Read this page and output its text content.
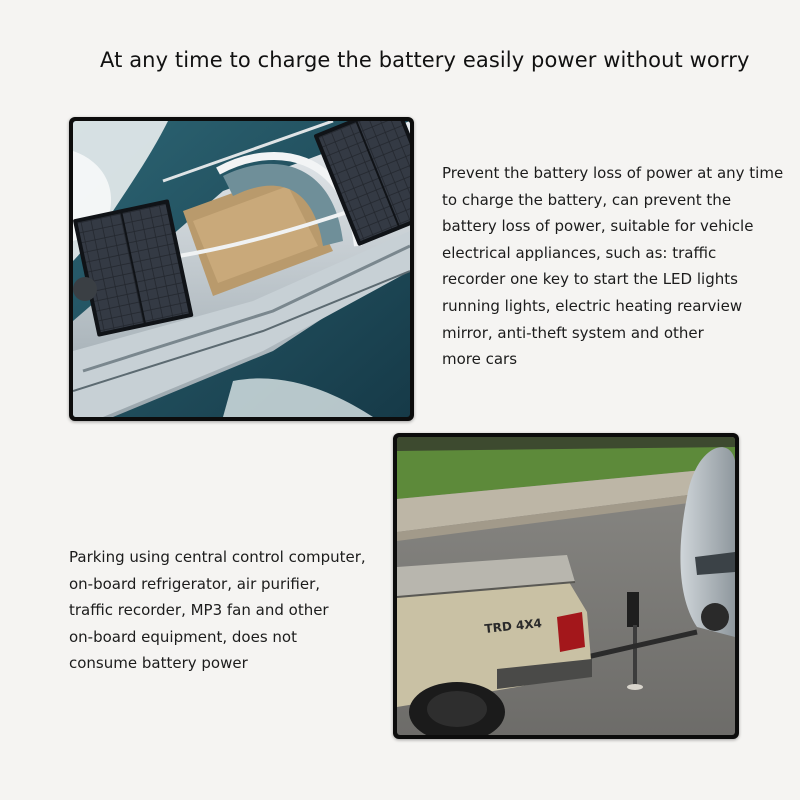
At any time to charge the battery easily power without worry
Prevent the battery loss of power at any time
to charge the battery, can prevent the
battery loss of power, suitable for vehicle
electrical appliances, such as: traffic
recorder one key to start the LED lights
running lights, electric heating rearview
mirror, anti-theft system and other
more cars
Parking using central control computer,
on-board refrigerator, air purifier,
traffic recorder, MP3 fan and other
on-board equipment, does not
consume battery power
TRD 4X4
